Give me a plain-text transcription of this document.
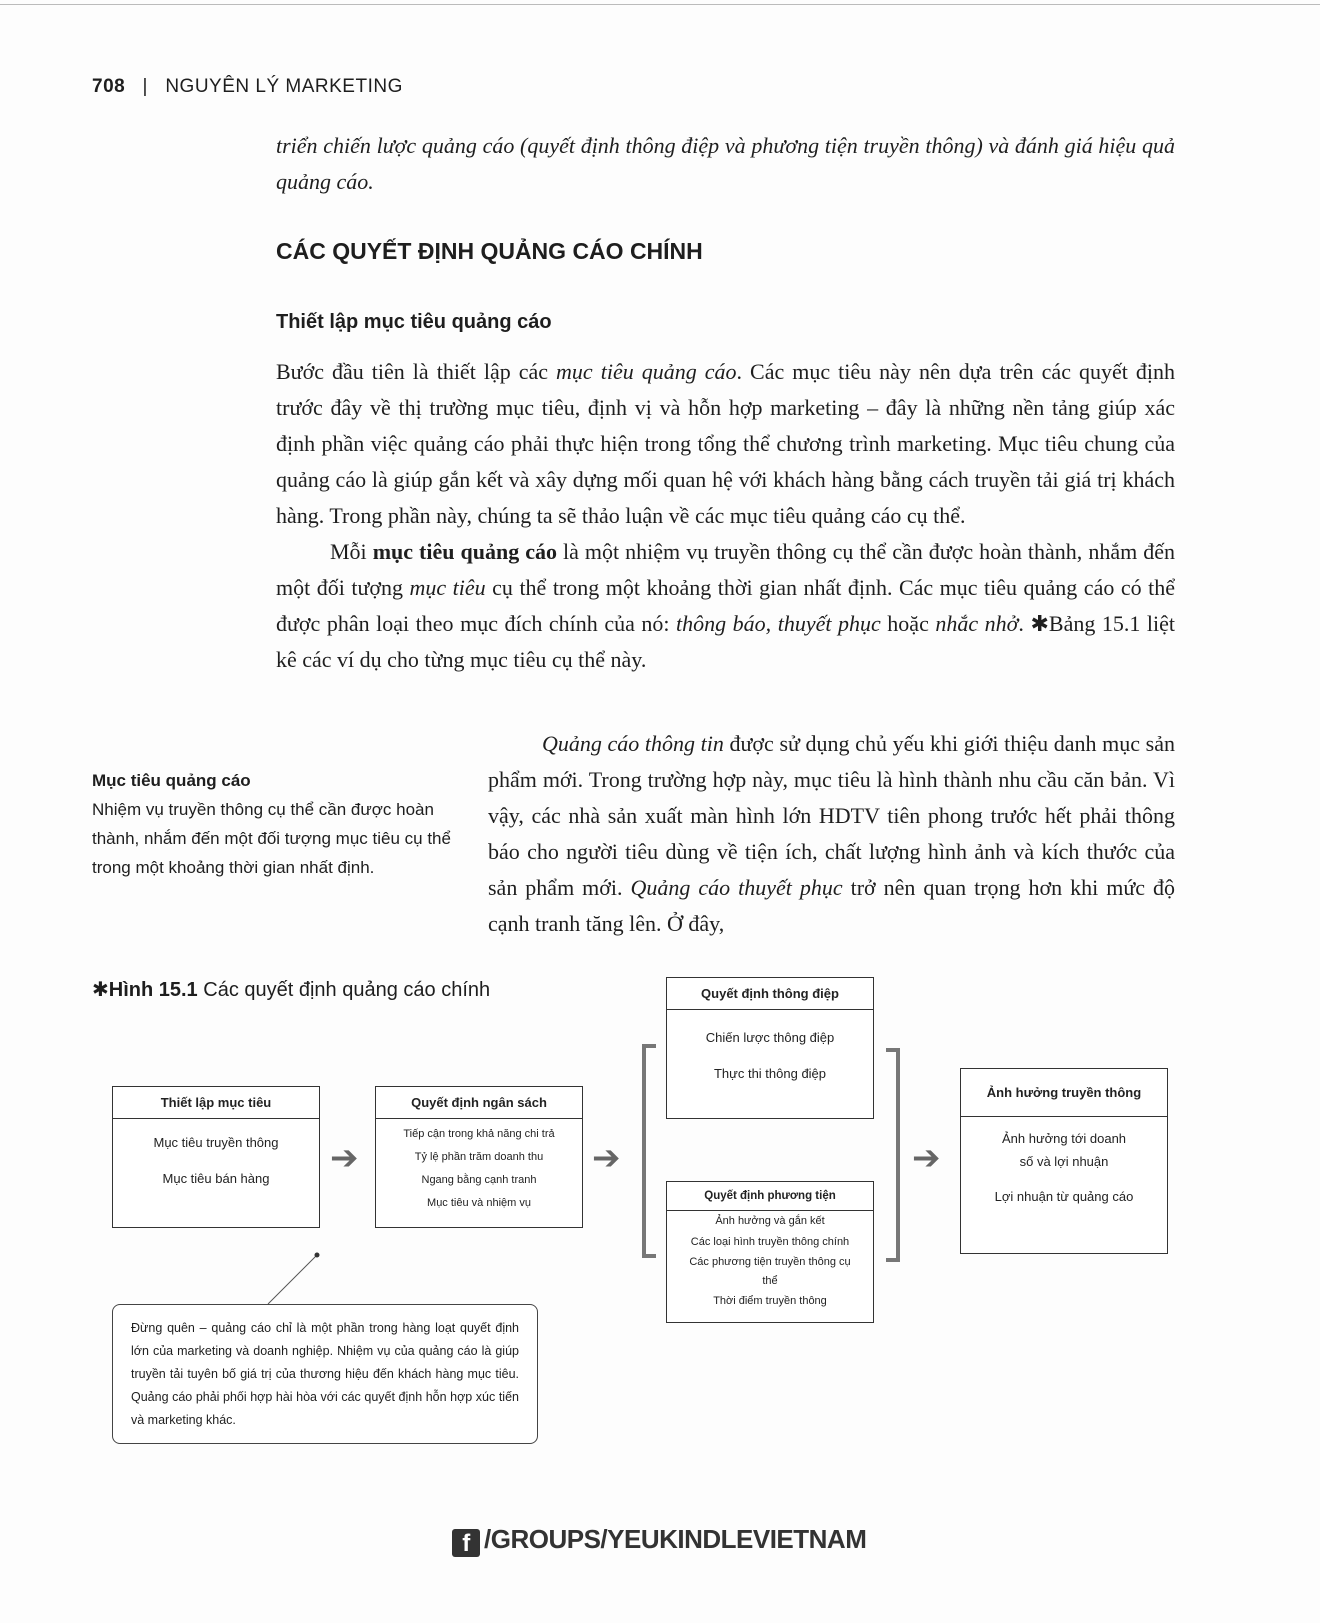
708 | NGUYÊN LÝ MARKETING

triển chiến lược quảng cáo (quyết định thông điệp và phương tiện truyền thông) và đánh giá hiệu quả quảng cáo.

CÁC QUYẾT ĐỊNH QUẢNG CÁO CHÍNH
Thiết lập mục tiêu quảng cáo

Bước đầu tiên là thiết lập các mục tiêu quảng cáo. Các mục tiêu này nên dựa trên các quyết định trước đây về thị trường mục tiêu, định vị và hỗn hợp marketing – đây là những nền tảng giúp xác định phần việc quảng cáo phải thực hiện trong tổng thể chương trình marketing. Mục tiêu chung của quảng cáo là giúp gắn kết và xây dựng mối quan hệ với khách hàng bằng cách truyền tải giá trị khách hàng. Trong phần này, chúng ta sẽ thảo luận về các mục tiêu quảng cáo cụ thể.

Mỗi mục tiêu quảng cáo là một nhiệm vụ truyền thông cụ thể cần được hoàn thành, nhắm đến một đối tượng mục tiêu cụ thể trong một khoảng thời gian nhất định. Các mục tiêu quảng cáo có thể được phân loại theo mục đích chính của nó: thông báo, thuyết phục hoặc nhắc nhở. ✱Bảng 15.1 liệt kê các ví dụ cho từng mục tiêu cụ thể này.

Quảng cáo thông tin được sử dụng chủ yếu khi giới thiệu danh mục sản phẩm mới. Trong trường hợp này, mục tiêu là hình thành nhu cầu căn bản. Vì vậy, các nhà sản xuất màn hình lớn HDTV tiên phong trước hết phải thông báo cho người tiêu dùng về tiện ích, chất lượng hình ảnh và kích thước của sản phẩm mới. Quảng cáo thuyết phục trở nên quan trọng hơn khi mức độ cạnh tranh tăng lên. Ở đây,

Mục tiêu quảng cáo
Nhiệm vụ truyền thông cụ thể cần được hoàn thành, nhắm đến một đối tượng mục tiêu cụ thể trong một khoảng thời gian nhất định.
✱Hình 15.1 Các quyết định quảng cáo chính
Thiết lập mục tiêu
Mục tiêu truyền thông
Mục tiêu bán hàng
➔
Quyết định ngân sách
Tiếp cận trong khả năng chi trả
Tỷ lệ phần trăm doanh thu
Ngang bằng cạnh tranh
Mục tiêu và nhiệm vụ
➔
Quyết định thông điệp
Chiến lược thông điệp
Thực thi thông điệp
Quyết định phương tiện
Ảnh hưởng và gắn kết
Các loại hình truyền thông chính
Các phương tiện truyền thông cụ thể
Thời điểm truyền thông
➔
Ảnh hưởng truyền thông
Ảnh hưởng tới doanh số và lợi nhuận
Lợi nhuận từ quảng cáo
Đừng quên – quảng cáo chỉ là một phần trong hàng loạt quyết định lớn của marketing và doanh nghiệp. Nhiệm vụ của quảng cáo là giúp truyền tải tuyên bố giá trị của thương hiệu đến khách hàng mục tiêu. Quảng cáo phải phối hợp hài hòa với các quyết định hỗn hợp xúc tiến và marketing khác.
f /GROUPS/YEUKINDLEVIETNAM
